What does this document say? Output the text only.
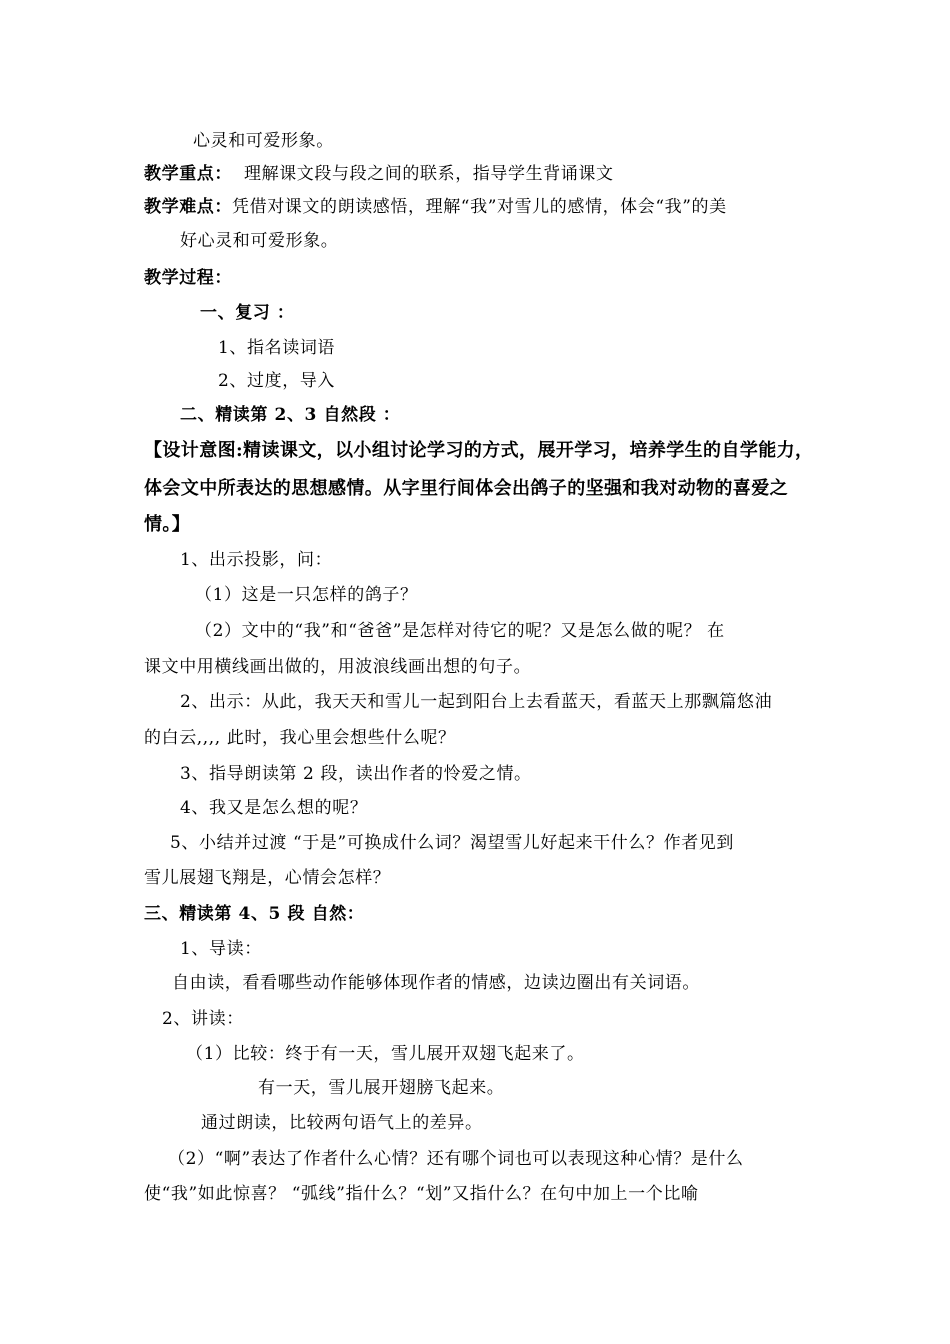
心灵和可爱形象。
教学重点： 理解课文段与段之间的联系，指导学生背诵课文
教学难点：凭借对课文的朗读感悟，理解“我”对雪儿的感情，体会“我”的美
好心灵和可爱形象。
教学过程：
一、复习 ：
1、指名读词语
2、过度，导入
二、精读第 2、3 自然段 ：
【设计意图:精读课文，以小组讨论学习的方式，展开学习，培养学生的自学能力，
体会文中所表达的思想感情。从字里行间体会出鸽子的坚强和我对动物的喜爱之
情。】
1、出示投影，问：
（1）这是一只怎样的鸽子？
（2）文中的“我”和“爸爸”是怎样对待它的呢？又是怎么做的呢？ 在
课文中用横线画出做的，用波浪线画出想的句子。
2、出示：从此，我天天和雪儿一起到阳台上去看蓝天，看蓝天上那飘篇悠油
的白云,,,, 此时，我心里会想些什么呢？
3、指导朗读第 2 段，读出作者的怜爱之情。
4、我又是怎么想的呢？
5、小结并过渡 “于是”可换成什么词？渴望雪儿好起来干什么？作者见到
雪儿展翅飞翔是，心情会怎样？
三、精读第 4、5 段 自然：
1、导读：
自由读，看看哪些动作能够体现作者的情感，边读边圈出有关词语。
2、讲读：
（1）比较：终于有一天，雪儿展开双翅飞起来了。
有一天，雪儿展开翅膀飞起来。
通过朗读，比较两句语气上的差异。
（2）“啊”表达了作者什么心情？还有哪个词也可以表现这种心情？是什么
使“我”如此惊喜？ “弧线”指什么？“划”又指什么？在句中加上一个比喻
